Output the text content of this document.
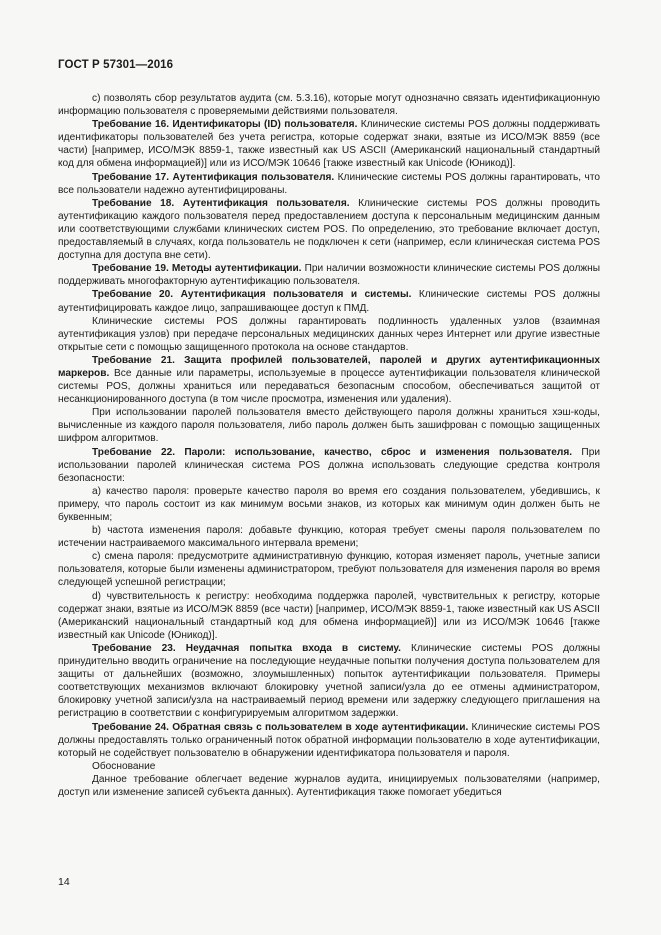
ГОСТ Р 57301—2016

с) позволять сбор результатов аудита (см. 5.3.16), которые могут однозначно связать идентификационную информацию пользователя с проверяемыми действиями пользователя.

Требование 16. Идентификаторы (ID) пользователя. Клинические системы POS должны поддерживать идентификаторы пользователей без учета регистра, которые содержат знаки, взятые из ИСО/МЭК 8859 (все части) [например, ИСО/МЭК 8859-1, также известный как US ASCII (Американский национальный стандартный код для обмена информацией)] или из ИСО/МЭК 10646 [также известный как Unicode (Юникод)].

Требование 17. Аутентификация пользователя. Клинические системы POS должны гарантировать, что все пользователи надежно аутентифицированы.

Требование 18. Аутентификация пользователя. Клинические системы POS должны проводить аутентификацию каждого пользователя перед предоставлением доступа к персональным медицинским данным или соответствующими службами клинических систем POS. По определению, это требование включает доступ, предоставляемый в случаях, когда пользователь не подключен к сети (например, если клиническая система POS доступна для доступа вне сети).

Требование 19. Методы аутентификации. При наличии возможности клинические системы POS должны поддерживать многофакторную аутентификацию пользователя.

Требование 20. Аутентификация пользователя и системы. Клинические системы POS должны аутентифицировать каждое лицо, запрашивающее доступ к ПМД.

Клинические системы POS должны гарантировать подлинность удаленных узлов (взаимная аутентификация узлов) при передаче персональных медицинских данных через Интернет или другие известные открытые сети с помощью защищенного протокола на основе стандартов.

Требование 21. Защита профилей пользователей, паролей и других аутентификационных маркеров. Все данные или параметры, используемые в процессе аутентификации пользователя клинической системы POS, должны храниться или передаваться безопасным способом, обеспечиваться защитой от несанкционированного доступа (в том числе просмотра, изменения или удаления).

При использовании паролей пользователя вместо действующего пароля должны храниться хэш-коды, вычисленные из каждого пароля пользователя, либо пароль должен быть зашифрован с помощью защищенных шифром алгоритмов.

Требование 22. Пароли: использование, качество, сброс и изменения пользователя. При использовании паролей клиническая система POS должна использовать следующие средства контроля безопасности:

а) качество пароля: проверьте качество пароля во время его создания пользователем, убедившись, к примеру, что пароль состоит из как минимум восьми знаков, из которых как минимум один должен быть не буквенным;

b) частота изменения пароля: добавьте функцию, которая требует смены пароля пользователем по истечении настраиваемого максимального интервала времени;

с) смена пароля: предусмотрите административную функцию, которая изменяет пароль, учетные записи пользователя, которые были изменены администратором, требуют пользователя для изменения пароля во время следующей успешной регистрации;

d) чувствительность к регистру: необходима поддержка паролей, чувствительных к регистру, которые содержат знаки, взятые из ИСО/МЭК 8859 (все части) [например, ИСО/МЭК 8859-1, также известный как US ASCII (Американский национальный стандартный код для обмена информацией)] или из ИСО/МЭК 10646 [также известный как Unicode (Юникод)].

Требование 23. Неудачная попытка входа в систему. Клинические системы POS должны принудительно вводить ограничение на последующие неудачные попытки получения доступа пользователем для защиты от дальнейших (возможно, злоумышленных) попыток аутентификации пользователя. Примеры соответствующих механизмов включают блокировку учетной записи/узла до ее отмены администратором, блокировку учетной записи/узла на настраиваемый период времени или задержку следующего приглашения на регистрацию в соответствии с конфигурируемым алгоритмом задержки.

Требование 24. Обратная связь с пользователем в ходе аутентификации. Клинические системы POS должны предоставлять только ограниченный поток обратной информации пользователю в ходе аутентификации, который не содействует пользователю в обнаружении идентификатора пользователя и пароля.

Обоснование

Данное требование облегчает ведение журналов аудита, инициируемых пользователями (например, доступ или изменение записей субъекта данных). Аутентификация также помогает убедиться

14
